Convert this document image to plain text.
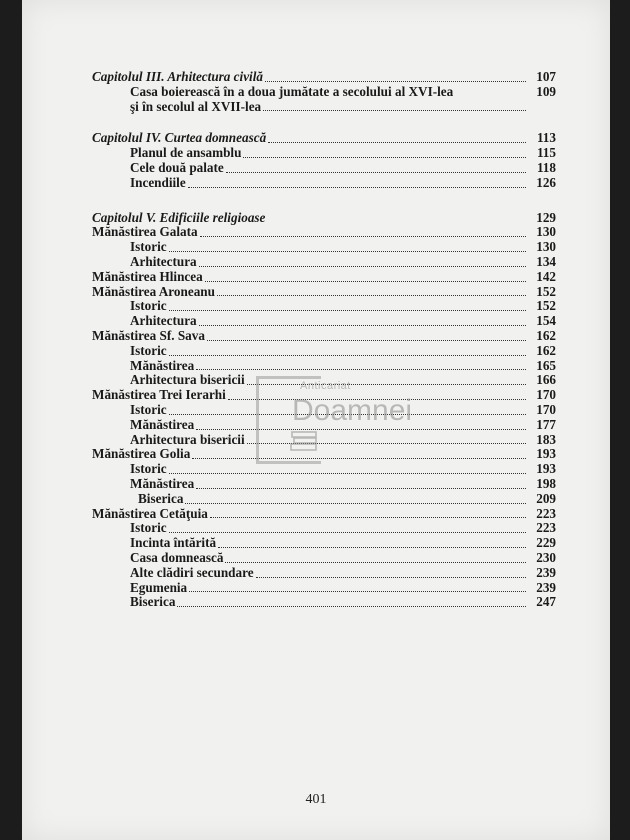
Capitolul III. Arhitectura civilă	107
Casa boierească în a doua jumătate a secolului al XVI-lea	109
şi în secolul al XVII-lea
Capitolul IV. Curtea domnească	113
Planul de ansamblu	115
Cele două palate	118
Incendiile	126
Capitolul V. Edificiile religioase	129
Mănăstirea Galata	130
Istoric	130
Arhitectura	134
Mănăstirea Hlincea	142
Mănăstirea Aroneanu	152
Istoric	152
Arhitectura	154
Mănăstirea Sf. Sava	162
Istoric	162
Mănăstirea	165
Arhitectura bisericii	166
Mănăstirea Trei Ierarhi	170
Istoric	170
Mănăstirea	177
Arhitectura bisericii	183
Mănăstirea Golia	193
Istoric	193
Mănăstirea	198
Biserica	209
Mănăstirea Cetăţuia	223
Istoric	223
Incinta întărită	229
Casa domnească	230
Alte clădiri secundare	239
Egumenia	239
Biserica	247
Anticariat
Doamnei
401
